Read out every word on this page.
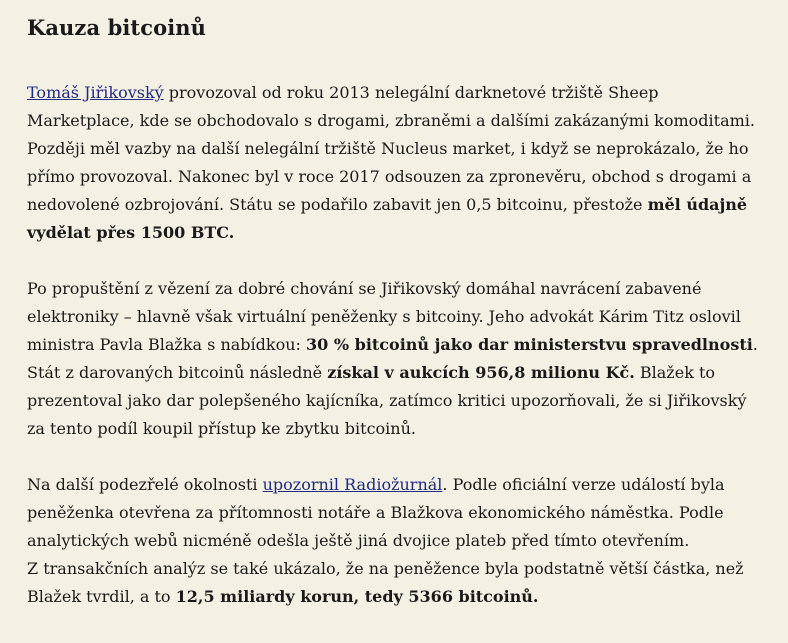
Kauza bitcoinů

Tomáš Jiřikovský provozoval od roku 2013 nelegální darknetové tržiště Sheep Marketplace, kde se obchodovalo s drogami, zbraněmi a dalšími zakázanými komoditami. Později měl vazby na další nelegální tržiště Nucleus market, i když se neprokázalo, že ho přímo provozoval. Nakonec byl v roce 2017 odsouzen za zpronevěru, obchod s drogami a nedovolené ozbrojování. Státu se podařilo zabavit jen 0,5 bitcoinu, přestože měl údajně vydělat přes 1500 BTC.

Po propuštění z vězení za dobré chování se Jiřikovský domáhal navrácení zabavené elektroniky – hlavně však virtuální peněženky s bitcoiny. Jeho advokát Kárim Titz oslovil ministra Pavla Blažka s nabídkou: 30 % bitcoinů jako dar ministerstvu spravedlnosti. Stát z darovaných bitcoinů následně získal v aukcích 956,8 milionu Kč. Blažek to prezentoval jako dar polepšeného kajícníka, zatímco kritici upozorňovali, že si Jiřikovský za tento podíl koupil přístup ke zbytku bitcoinů.

Na další podezřelé okolnosti upozornil Radiožurnál. Podle oficiální verze událostí byla peněženka otevřena za přítomnosti notáře a Blažkova ekonomického náměstka. Podle analytických webů nicméně odešla ještě jiná dvojice plateb před tímto otevřením.
Z transakčních analýz se také ukázalo, že na peněžence byla podstatně větší částka, než Blažek tvrdil, a to 12,5 miliardy korun, tedy 5366 bitcoinů.
